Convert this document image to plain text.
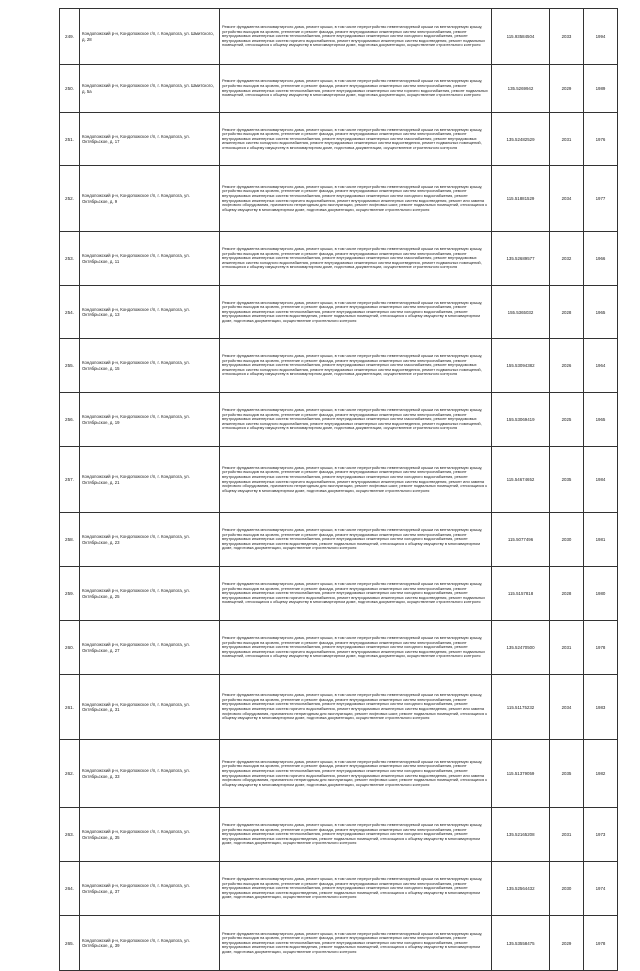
249.	Кондопожский р-н, Кондопожское г/п, г. Кондопога, ул. Шмитского, д. 28	Ремонт фундамента многоквартирного дома, ремонт крыши, в том числе переустройство невентилируемой крыши на вентилируемую крышу, устройство выходов на кровлю, утепление и ремонт фасада, ремонт внутридомовых инженерных систем электроснабжения, ремонт внутридомовых инженерных систем теплоснабжения, ремонт внутридомовых инженерных систем холодного водоснабжения, ремонт внутридомовых инженерных систем горячего водоснабжения, ремонт внутридомовых инженерных систем водоотведения, ремонт подвальных помещений, относящихся к общему имуществу в многоквартирном доме, подготовка документации, осуществление строительного контроля	115.93584504	2033	1994
250.	Кондопожский р-н, Кондопожское г/п, г. Кондопога, ул. Шмитского, д. 5а	Ремонт фундамента многоквартирного дома, ремонт крыши, в том числе переустройство невентилируемой крыши на вентилируемую крышу, устройство выходов на кровлю, утепление и ремонт фасада, ремонт внутридомовых инженерных систем электроснабжения, ремонт внутридомовых инженерных систем теплоснабжения, ремонт внутридомовых инженерных систем горячего водоснабжения, ремонт подвальных помещений, относящихся к общему имуществу в многоквартирном доме, подготовка документации, осуществление строительного контроля	135.5269942	2029	1989
251.	Кондопожский р-н, Кондопожское г/п, г. Кондопога, ул. Октябрьское, д. 17	Ремонт фундамента многоквартирного дома, ремонт крыши, в том числе переустройство невентилируемой крыши на вентилируемую крышу, устройство выходов на кровлю, утепление и ремонт фасада, ремонт внутридомовых инженерных систем электроснабжения, ремонт внутридомовых инженерных систем теплоснабжения, ремонт внутридомовых инженерных систем газоснабжения, ремонт внутридомовых инженерных систем холодного водоснабжения, ремонт внутридомовых инженерных систем водоотведения, ремонт подвальных помещений, относящихся к общему имуществу в многоквартирном доме, подготовка документации, осуществление строительного контроля	135.52482529	2031	1976
252.	Кондопожский р-н, Кондопожское г/п, г. Кондопога, ул. Октябрьское, д. 9	Ремонт фундамента многоквартирного дома, ремонт крыши, в том числе переустройство невентилируемой крыши на вентилируемую крышу, устройство выходов на кровлю, утепление и ремонт фасада, ремонт внутридомовых инженерных систем электроснабжения, ремонт внутридомовых инженерных систем теплоснабжения, ремонт внутридомовых инженерных систем холодного водоснабжения, ремонт внутридомовых инженерных систем горячего водоснабжения, ремонт внутридомовых инженерных систем водоотведения, ремонт или замена лифтового оборудования, признанного непригодным для эксплуатации, ремонт лифтовых шахт, ремонт подвальных помещений, относящихся к общему имуществу в многоквартирном доме, подготовка документации, осуществление строительного контроля	115.51881529	2034	1977
253.	Кондопожский р-н, Кондопожское г/п, г. Кондопога, ул. Октябрьское, д. 11	Ремонт фундамента многоквартирного дома, ремонт крыши, в том числе переустройство невентилируемой крыши на вентилируемую крышу, устройство выходов на кровлю, утепление и ремонт фасада, ремонт внутридомовых инженерных систем электроснабжения, ремонт внутридомовых инженерных систем теплоснабжения, ремонт внутридомовых инженерных систем газоснабжения, ремонт внутридомовых инженерных систем холодного водоснабжения, ремонт внутридомовых инженерных систем водоотведения, ремонт подвальных помещений, относящихся к общему имуществу в многоквартирном доме, подготовка документации, осуществление строительного контроля	135.52689577	2032	1966
254.	Кондопожский р-н, Кондопожское г/п, г. Кондопога, ул. Октябрьское, д. 13	Ремонт фундамента многоквартирного дома, ремонт крыши, в том числе переустройство невентилируемой крыши на вентилируемую крышу, устройство выходов на кровлю, утепление и ремонт фасада, ремонт внутридомовых инженерных систем электроснабжения, ремонт внутридомовых инженерных систем теплоснабжения, ремонт внутридомовых инженерных систем холодного водоснабжения, ремонт внутридомовых инженерных систем водоотведения, ремонт подвальных помещений, относящихся к общему имуществу в многоквартирном доме, подготовка документации, осуществление строительного контроля	155.5365032	2028	1965
255.	Кондопожский р-н, Кондопожское г/п, г. Кондопога, ул. Октябрьское, д. 15	Ремонт фундамента многоквартирного дома, ремонт крыши, в том числе переустройство невентилируемой крыши на вентилируемую крышу, устройство выходов на кровлю, утепление и ремонт фасада, ремонт внутридомовых инженерных систем электроснабжения, ремонт внутридомовых инженерных систем теплоснабжения, ремонт внутридомовых инженерных систем газоснабжения, ремонт внутридомовых инженерных систем холодного водоснабжения, ремонт внутридомовых инженерных систем водоотведения, ремонт подвальных помещений, относящихся к общему имуществу в многоквартирном доме, подготовка документации, осуществление строительного контроля	155.53094382	2026	1964
256.	Кондопожский р-н, Кондопожское г/п, г. Кондопога, ул. Октябрьское, д. 19	Ремонт фундамента многоквартирного дома, ремонт крыши, в том числе переустройство невентилируемой крыши на вентилируемую крышу, устройство выходов на кровлю, утепление и ремонт фасада, ремонт внутридомовых инженерных систем электроснабжения, ремонт внутридомовых инженерных систем теплоснабжения, ремонт внутридомовых инженерных систем газоснабжения, ремонт внутридомовых инженерных систем холодного водоснабжения, ремонт внутридомовых инженерных систем водоотведения, ремонт подвальных помещений, относящихся к общему имуществу в многоквартирном доме, подготовка документации, осуществление строительного контроля	155.53069419	2025	1965
257.	Кондопожский р-н, Кондопожское г/п, г. Кондопога, ул. Октябрьское, д. 21	Ремонт фундамента многоквартирного дома, ремонт крыши, в том числе переустройство невентилируемой крыши на вентилируемую крышу, устройство выходов на кровлю, утепление и ремонт фасада, ремонт внутридомовых инженерных систем электроснабжения, ремонт внутридомовых инженерных систем теплоснабжения, ремонт внутридомовых инженерных систем холодного водоснабжения, ремонт внутридомовых инженерных систем горячего водоснабжения, ремонт внутридомовых инженерных систем водоотведения, ремонт или замена лифтового оборудования, признанного непригодным для эксплуатации, ремонт лифтовых шахт, ремонт подвальных помещений, относящихся к общему имуществу в многоквартирном доме, подготовка документации, осуществление строительного контроля	115.54674652	2035	1984
258.	Кондопожский р-н, Кондопожское г/п, г. Кондопога, ул. Октябрьское, д. 23	Ремонт фундамента многоквартирного дома, ремонт крыши, в том числе переустройство невентилируемой крыши на вентилируемую крышу, устройство выходов на кровлю, утепление и ремонт фасада, ремонт внутридомовых инженерных систем электроснабжения, ремонт внутридомовых инженерных систем теплоснабжения, ремонт внутридомовых инженерных систем холодного водоснабжения, ремонт внутридомовых инженерных систем водоотведения, ремонт подвальных помещений, относящихся к общему имуществу в многоквартирном доме, подготовка документации, осуществление строительного контроля	115.5077496	2030	1981
259.	Кондопожский р-н, Кондопожское г/п, г. Кондопога, ул. Октябрьское, д. 25	Ремонт фундамента многоквартирного дома, ремонт крыши, в том числе переустройство невентилируемой крыши на вентилируемую крышу, устройство выходов на кровлю, утепление и ремонт фасада, ремонт внутридомовых инженерных систем электроснабжения, ремонт внутридомовых инженерных систем теплоснабжения, ремонт внутридомовых инженерных систем холодного водоснабжения, ремонт внутридомовых инженерных систем горячего водоснабжения, ремонт внутридомовых инженерных систем водоотведения, ремонт подвальных помещений, относящихся к общему имуществу в многоквартирном доме, подготовка документации, осуществление строительного контроля	115.5157818	2028	1980
260.	Кондопожский р-н, Кондопожское г/п, г. Кондопога, ул. Октябрьское, д. 27	Ремонт фундамента многоквартирного дома, ремонт крыши, в том числе переустройство невентилируемой крыши на вентилируемую крышу, устройство выходов на кровлю, утепление и ремонт фасада, ремонт внутридомовых инженерных систем электроснабжения, ремонт внутридомовых инженерных систем теплоснабжения, ремонт внутридомовых инженерных систем холодного водоснабжения, ремонт внутридомовых инженерных систем горячего водоснабжения, ремонт внутридомовых инженерных систем водоотведения, ремонт подвальных помещений, относящихся к общему имуществу в многоквартирном доме, подготовка документации, осуществление строительного контроля	135.52470500	2031	1978
261.	Кондопожский р-н, Кондопожское г/п, г. Кондопога, ул. Октябрьское, д. 31	Ремонт фундамента многоквартирного дома, ремонт крыши, в том числе переустройство невентилируемой крыши на вентилируемую крышу, устройство выходов на кровлю, утепление и ремонт фасада, ремонт внутридомовых инженерных систем электроснабжения, ремонт внутридомовых инженерных систем теплоснабжения, ремонт внутридомовых инженерных систем холодного водоснабжения, ремонт внутридомовых инженерных систем горячего водоснабжения, ремонт внутридомовых инженерных систем водоотведения, ремонт или замена лифтового оборудования, признанного непригодным для эксплуатации, ремонт лифтовых шахт, ремонт подвальных помещений, относящихся к общему имуществу в многоквартирном доме, подготовка документации, осуществление строительного контроля	115.51175232	2034	1983
262.	Кондопожский р-н, Кондопожское г/п, г. Кондопога, ул. Октябрьское, д. 33	Ремонт фундамента многоквартирного дома, ремонт крыши, в том числе переустройство невентилируемой крыши на вентилируемую крышу, устройство выходов на кровлю, утепление и ремонт фасада, ремонт внутридомовых инженерных систем электроснабжения, ремонт внутридомовых инженерных систем теплоснабжения, ремонт внутридомовых инженерных систем холодного водоснабжения, ремонт внутридомовых инженерных систем горячего водоснабжения, ремонт внутридомовых инженерных систем водоотведения, ремонт или замена лифтового оборудования, признанного непригодным для эксплуатации, ремонт лифтовых шахт, ремонт подвальных помещений, относящихся к общему имуществу в многоквартирном доме, подготовка документации, осуществление строительного контроля	115.51379059	2035	1982
263.	Кондопожский р-н, Кондопожское г/п, г. Кондопога, ул. Октябрьское, д. 35	Ремонт фундамента многоквартирного дома, ремонт крыши, в том числе переустройство невентилируемой крыши на вентилируемую крышу, устройство выходов на кровлю, утепление и ремонт фасада, ремонт внутридомовых инженерных систем электроснабжения, ремонт внутридомовых инженерных систем теплоснабжения, ремонт внутридомовых инженерных систем холодного водоснабжения, ремонт внутридомовых инженерных систем водоотведения, ремонт подвальных помещений, относящихся к общему имуществу в многоквартирном доме, подготовка документации, осуществление строительного контроля	135.52165208	2031	1973
264.	Кондопожский р-н, Кондопожское г/п, г. Кондопога, ул. Октябрьское, д. 37	Ремонт фундамента многоквартирного дома, ремонт крыши, в том числе переустройство невентилируемой крыши на вентилируемую крышу, устройство выходов на кровлю, утепление и ремонт фасада, ремонт внутридомовых инженерных систем электроснабжения, ремонт внутридомовых инженерных систем теплоснабжения, ремонт внутридомовых инженерных систем холодного водоснабжения, ремонт внутридомовых инженерных систем водоотведения, ремонт подвальных помещений, относящихся к общему имуществу в многоквартирном доме, подготовка документации, осуществление строительного контроля	135.52564432	2030	1974
265.	Кондопожский р-н, Кондопожское г/п, г. Кондопога, ул. Октябрьское, д. 39	Ремонт фундамента многоквартирного дома, ремонт крыши, в том числе переустройство невентилируемой крыши на вентилируемую крышу, устройство выходов на кровлю, утепление и ремонт фасада, ремонт внутридомовых инженерных систем электроснабжения, ремонт внутридомовых инженерных систем теплоснабжения, ремонт внутридомовых инженерных систем холодного водоснабжения, ремонт внутридомовых инженерных систем водоотведения, ремонт подвальных помещений, относящихся к общему имуществу в многоквартирном доме, подготовка документации, осуществление строительного контроля	135.53558475	2029	1978
